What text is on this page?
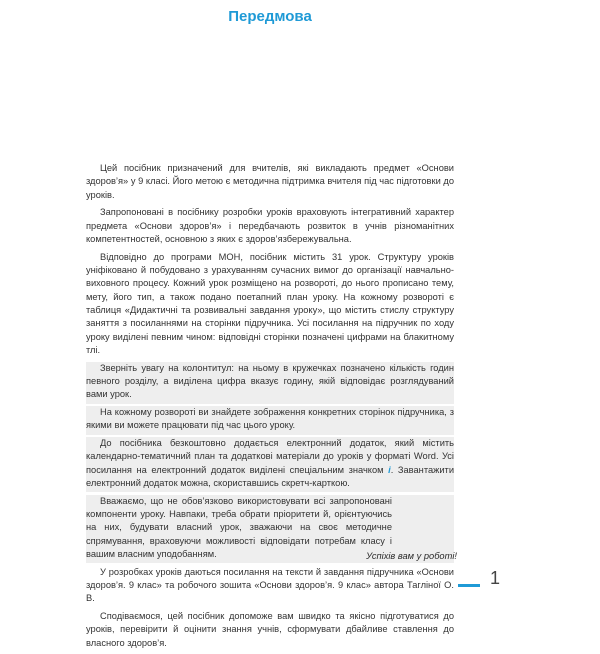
Передмова

Цей посібник призначений для вчителів, які викладають предмет «Основи здоров’я» у 9 класі. Його метою є методична підтримка вчителя під час підготовки до уроків.

Запропоновані в посібнику розробки уроків враховують інтегративний характер предмета «Основи здоров’я» і передбачають розвиток в учнів різноманітних компетентностей, основною з яких є здоров’язбережувальна.

Відповідно до програми МОН, посібник містить 31 урок. Структуру уроків уніфіковано й побудовано з урахуванням сучасних вимог до організації навчально-виховного процесу. Кожний урок розміщено на розвороті, до нього прописано тему, мету, його тип, а також подано поетапний план уроку. На кожному розвороті є таблиця «Дидактичні та розвивальні завдання уроку», що містить стислу структуру заняття з посиланнями на сторінки підручника. Усі посилання на підручник по ходу уроку виділені певним чином: відповідні сторінки позначені цифрами на блакитному тлі.

Зверніть увагу на колонтитул: на ньому в кружечках позначено кількість годин певного розділу, а виділена цифра вказує годину, якій відповідає розглядуваний вами урок.

На кожному розвороті ви знайдете зображення конкретних сторінок підручника, з якими ви можете працювати під час цього уроку.

До посібника безкоштовно додається електронний додаток, який містить календарно-тематичний план та додаткові матеріали до уроків у форматі Word. Усі посилання на електронний додаток виділені спеціальним значком i. Завантажити електронний додаток можна, скориставшись скретч-карткою.

Вважаємо, що не обов’язково використовувати всі запропоновані компоненти уроку. Навпаки, треба обрати пріоритети й, орієнтуючись на них, будувати власний урок, зважаючи на своє методичне спрямування, враховуючи можливості відповідати потребам класу і вашим власним уподобанням.

У розробках уроків даються посилання на тексти й завдання підручника «Основи здоров’я. 9 клас» та робочого зошита «Основи здоров’я. 9 клас» автора Тагліної О. В.

Сподіваємося, цей посібник допоможе вам швидко та якісно підготуватися до уроків, перевірити й оцінити знання учнів, сформувати дбайливе ставлення до власного здоров’я.

Успіхів вам у роботі!
1
